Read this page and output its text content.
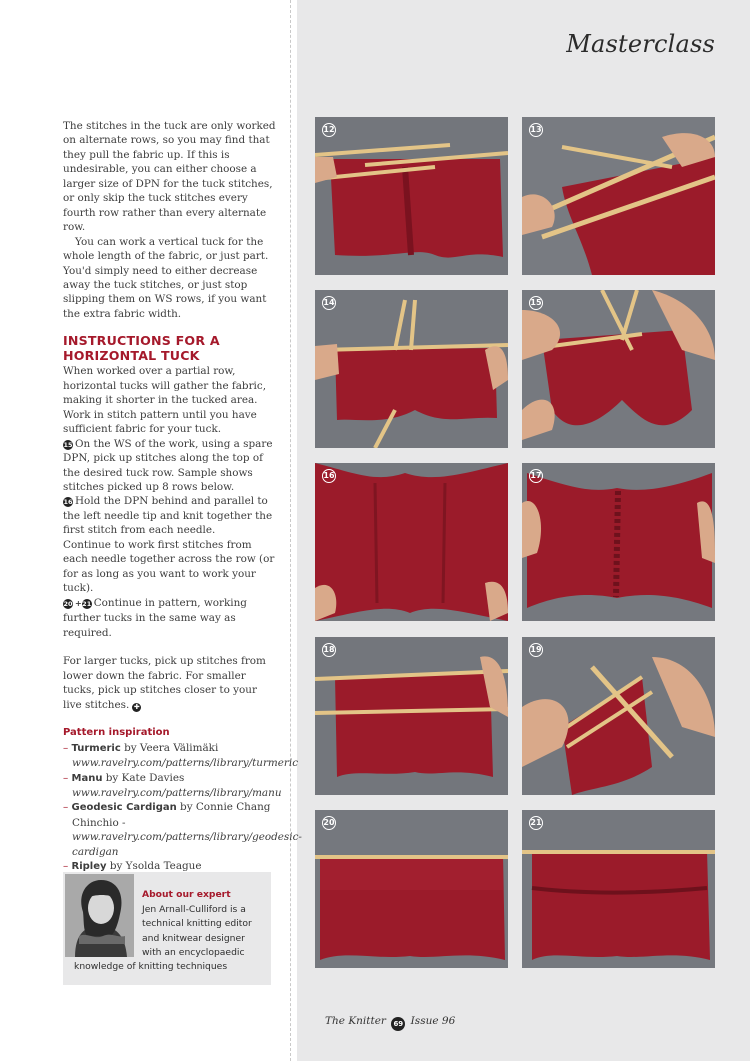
Masterclass

The stitches in the tuck are only worked on alternate rows, so you may find that they pull the fabric up. If this is undesirable, you can either choose a larger size of DPN for the tuck stitches, or only skip the tuck stitches every fourth row rather than every alternate row.

You can work a vertical tuck for the whole length of the fabric, or just part. You'd simply need to either decrease away the tuck stitches, or just stop slipping them on WS rows, if you want the extra fabric width.

INSTRUCTIONS FOR A
HORIZONTAL TUCK

When worked over a partial row, horizontal tucks will gather the fabric, making it shorter in the tucked area. Work in stitch pattern until you have sufficient fabric for your tuck.

15 On the WS of the work, using a spare DPN, pick up stitches along the top of the desired tuck row. Sample shows stitches picked up 8 rows below.

16 Hold the DPN behind and parallel to the left needle tip and knit together the first stitch from each needle.

Continue to work first stitches from each needle together across the row (or for as long as you want to work your tuck).

20 +21 Continue in pattern, working further tucks in the same way as required.

For larger tucks, pick up stitches from lower down the fabric. For smaller tucks, pick up stitches closer to your live stitches. ✚

Pattern inspiration
– Turmeric by Veera Välimäki
www.ravelry.com/patterns/library/turmeric
– Manu by Kate Davies
www.ravelry.com/patterns/library/manu
– Geodesic Cardigan by Connie Chang Chinchio - www.ravelry.com/patterns/library/geodesic-cardigan
– Ripley by Ysolda Teague

About our expert
Jen Arnall-Culliford is a technical knitting editor and knitwear designer with an encyclopaedic
knowledge of knitting techniques
12	13
14	15
16	17
18	19
20	21
The Knitter 69 Issue 96
